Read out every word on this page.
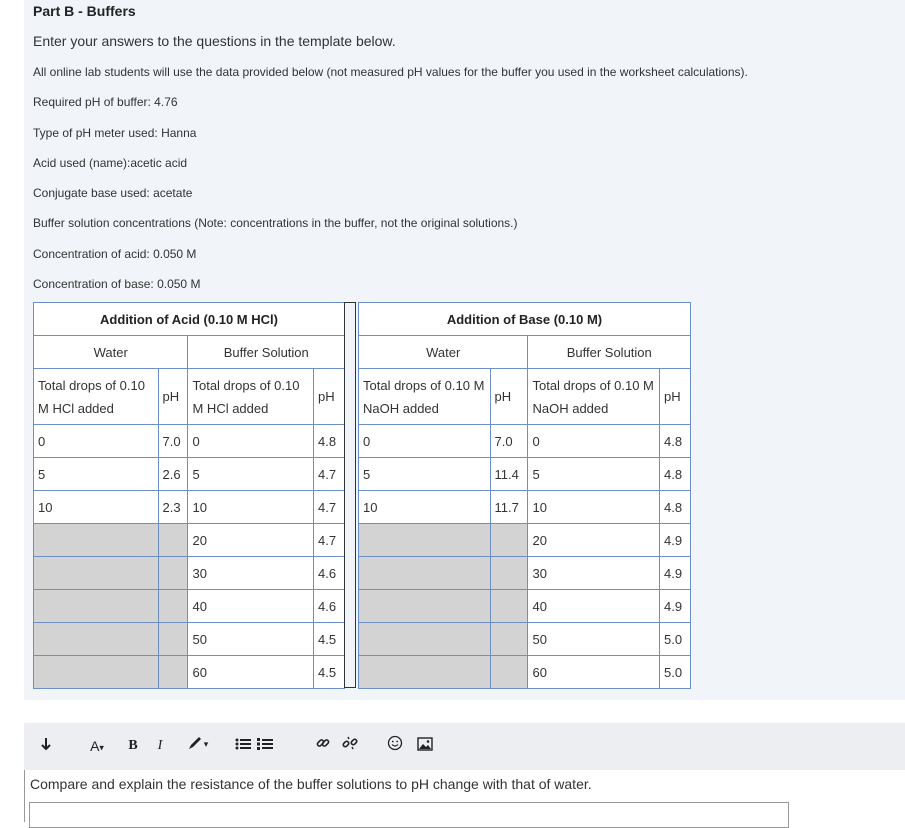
Part B - Buffers
Enter your answers to the questions in the template below.
All online lab students will use the data provided below (not measured pH values for the buffer you used in the worksheet calculations).
Required pH of buffer: 4.76
Type of pH meter used: Hanna
Acid used (name):acetic acid
Conjugate base used: acetate
Buffer solution concentrations (Note: concentrations in the buffer, not the original solutions.)
Concentration of acid: 0.050 M
Concentration of base: 0.050 M
Addition of Acid (0.10 M HCl)			
Water		Buffer Solution	
Total drops of 0.10 M HCl added	pH	Total drops of 0.10 M HCl added	pH
0	7.0	0	4.8
5	2.6	5	4.7
10	2.3	10	4.7
		20	4.7
		30	4.6
		40	4.6
		50	4.5
		60	4.5
Addition of Base (0.10 M)			
Water		Buffer Solution	
Total drops of 0.10 M NaOH added	pH	Total drops of 0.10 M NaOH added	pH
0	7.0	0	4.8
5	11.4	5	4.8
10	11.7	10	4.8
		20	4.9
		30	4.9
		40	4.9
		50	5.0
		60	5.0
A▾	B I	▾
Compare and explain the resistance of the buffer solutions to pH change with that of water.
